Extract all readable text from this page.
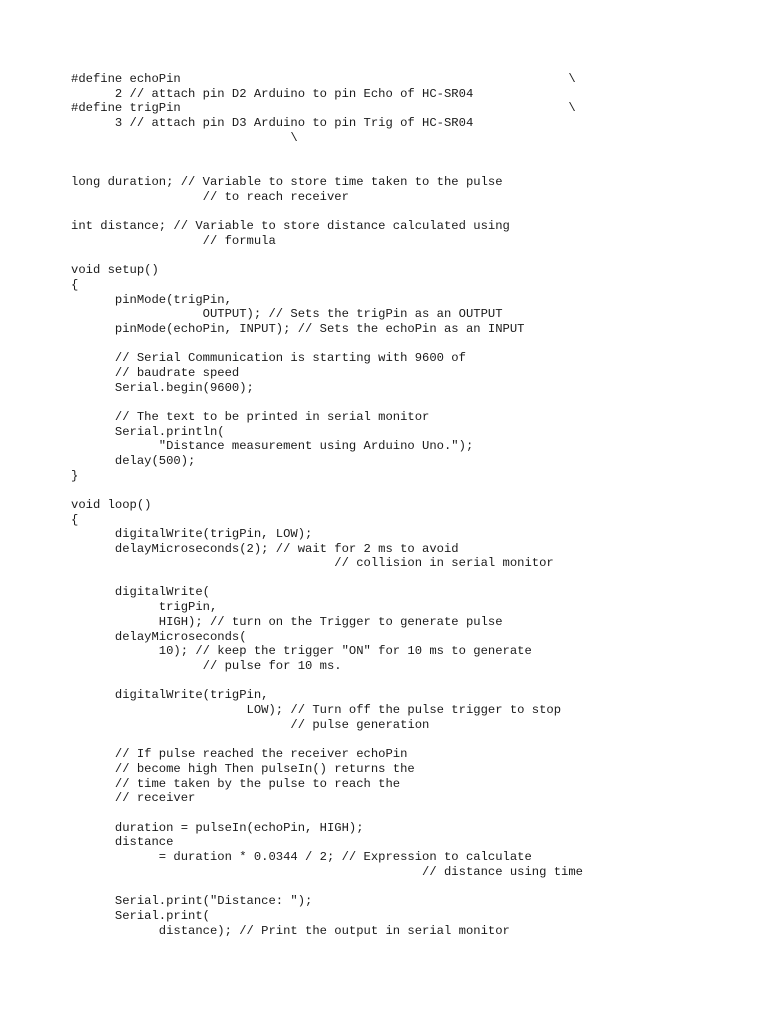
#define echoPin                                                     \
2 // attach pin D2 Arduino to pin Echo of HC-SR04
#define trigPin                                                     \
3 // attach pin D3 Arduino to pin Trig of HC-SR04
\
long duration; // Variable to store time taken to the pulse
// to reach receiver
int distance; // Variable to store distance calculated using
// formula
void setup()
{
pinMode(trigPin,
OUTPUT); // Sets the trigPin as an OUTPUT
pinMode(echoPin, INPUT); // Sets the echoPin as an INPUT
// Serial Communication is starting with 9600 of
// baudrate speed
Serial.begin(9600);
// The text to be printed in serial monitor
Serial.println(
"Distance measurement using Arduino Uno.");
delay(500);
}
void loop()
{
digitalWrite(trigPin, LOW);
delayMicroseconds(2); // wait for 2 ms to avoid
// collision in serial monitor
digitalWrite(
trigPin,
HIGH); // turn on the Trigger to generate pulse
delayMicroseconds(
10); // keep the trigger "ON" for 10 ms to generate
// pulse for 10 ms.
digitalWrite(trigPin,
LOW); // Turn off the pulse trigger to stop
// pulse generation
// If pulse reached the receiver echoPin
// become high Then pulseIn() returns the
// time taken by the pulse to reach the
// receiver
duration = pulseIn(echoPin, HIGH);
distance
= duration * 0.0344 / 2; // Expression to calculate
// distance using time
Serial.print("Distance: ");
Serial.print(
distance); // Print the output in serial monitor
